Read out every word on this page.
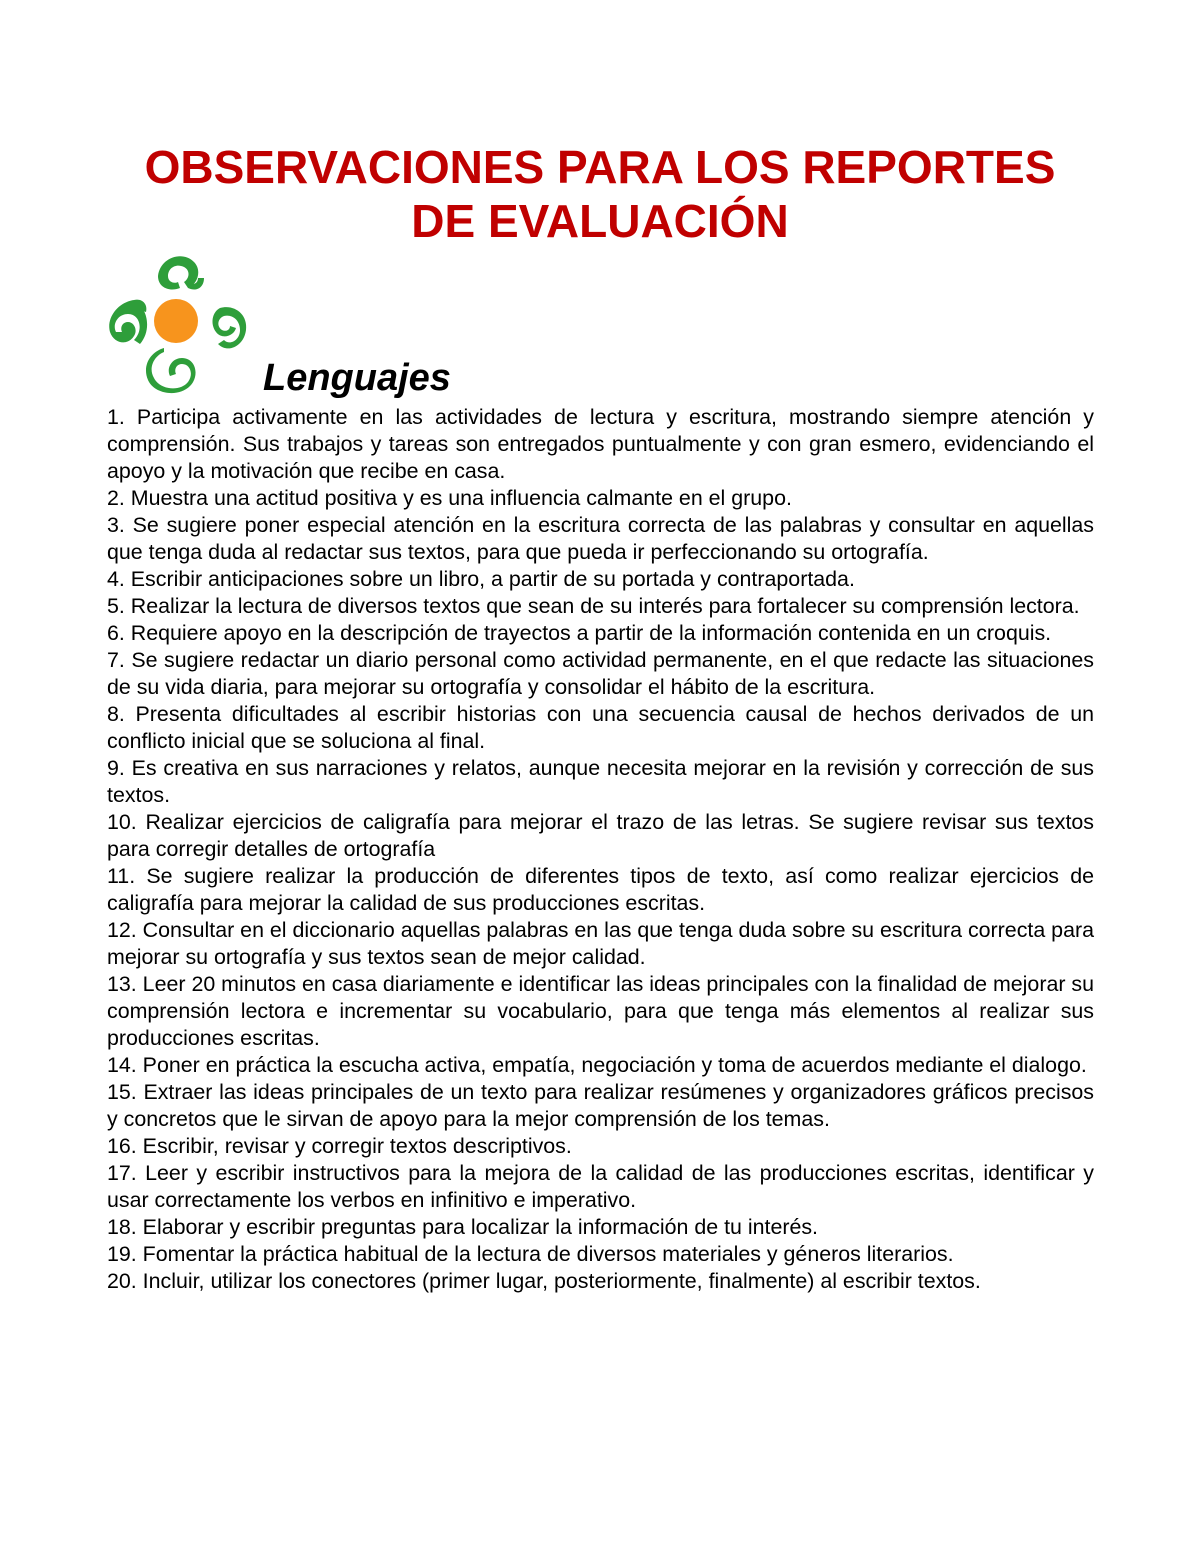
OBSERVACIONES PARA LOS REPORTES
DE EVALUACIÓN
Lenguajes
1. Participa activamente en las actividades de lectura y escritura, mostrando siempre atención y comprensión. Sus trabajos y tareas son entregados puntualmente y con gran esmero, evidenciando el apoyo y la motivación que recibe en casa.
2. Muestra una actitud positiva y es una influencia calmante en el grupo.
3. Se sugiere poner especial atención en la escritura correcta de las palabras y consultar en aquellas que tenga duda al redactar sus textos, para que pueda ir perfeccionando su ortografía.
4. Escribir anticipaciones sobre un libro, a partir de su portada y contraportada.
5. Realizar la lectura de diversos textos que sean de su interés para fortalecer su comprensión lectora.
6. Requiere apoyo en la descripción de trayectos a partir de la información contenida en un croquis.
7. Se sugiere redactar un diario personal como actividad permanente, en el que redacte las situaciones de su vida diaria, para mejorar su ortografía y consolidar el hábito de la escritura.
8. Presenta dificultades al escribir historias con una secuencia causal de hechos derivados de un conflicto inicial que se soluciona al final.
9. Es creativa en sus narraciones y relatos, aunque necesita mejorar en la revisión y corrección de sus textos.
10. Realizar ejercicios de caligrafía para mejorar el trazo de las letras. Se sugiere revisar sus textos para corregir detalles de ortografía
11. Se sugiere realizar la producción de diferentes tipos de texto, así como realizar ejercicios de caligrafía para mejorar la calidad de sus producciones escritas.
12. Consultar en el diccionario aquellas palabras en las que tenga duda sobre su escritura correcta para mejorar su ortografía y sus textos sean de mejor calidad.
13. Leer 20 minutos en casa diariamente e identificar las ideas principales con la finalidad de mejorar su comprensión lectora e incrementar su vocabulario, para que tenga más elementos al realizar sus producciones escritas.
14. Poner en práctica la escucha activa, empatía, negociación y toma de acuerdos mediante el dialogo.
15. Extraer las ideas principales de un texto para realizar resúmenes y organizadores gráficos precisos y concretos que le sirvan de apoyo para la mejor comprensión de los temas.
16. Escribir, revisar y corregir textos descriptivos.
17. Leer y escribir instructivos para la mejora de la calidad de las producciones escritas, identificar y usar correctamente los verbos en infinitivo e imperativo.
18. Elaborar y escribir preguntas para localizar la información de tu interés.
19. Fomentar la práctica habitual de la lectura de diversos materiales y géneros literarios.
20. Incluir, utilizar los conectores (primer lugar, posteriormente, finalmente) al escribir textos.
